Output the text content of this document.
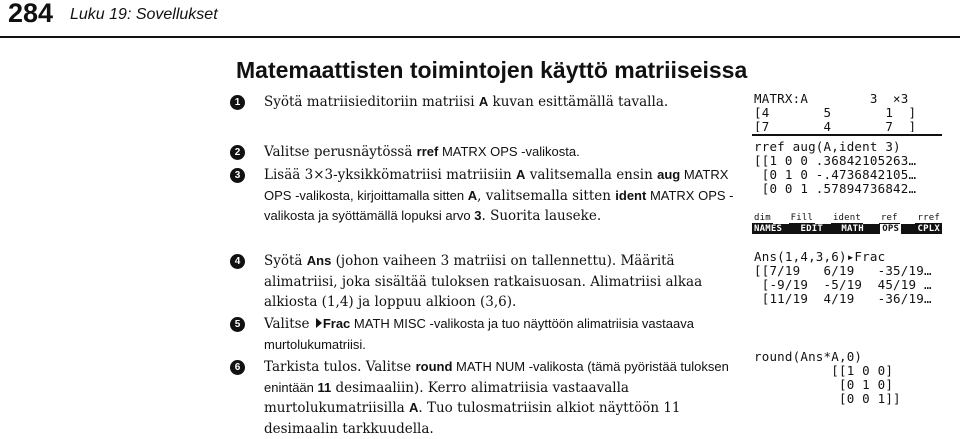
284 Luku 19: Sovellukset
Matemaattisten toimintojen käyttö matriiseissa
1	Syötä matriisieditoriin matriisi A kuvan esittämällä tavalla.
2	Valitse perusnäytössä rref MATRX OPS -valikosta.
3	Lisää 3×3-yksikkömatriisi matriisiin A valitsemalla ensin aug MATRX OPS -valikosta, kirjoittamalla sitten A, valitsemalla sitten ident MATRX OPS -valikosta ja syöttämällä lopuksi arvo 3. Suorita lauseke.
4	Syötä Ans (johon vaiheen 3 matriisi on tallennettu). Määritä alimatriisi, joka sisältää tuloksen ratkaisuosan. Alimatriisi alkaa alkiosta (1,4) ja loppuu alkioon (3,6).
5	Valitse Frac MATH MISC -valikosta ja tuo näyttöön alimatriisia vastaava murtolukumatriisi.
6	Tarkista tulos. Valitse round MATH NUM -valikosta (tämä pyöristää tuloksen enintään 11 desimaaliin). Kerro alimatriisia vastaavalla murtolukumatriisilla A. Tuo tulosmatriisin alkiot näyttöön 11 desimaalin tarkkuudella.
MATRX:A        3  ×3
[4       5       1  ]
[7       4       7  ]
rref aug(A,ident 3)
[[1 0 0 .36842105263…
[0 1 0 -.4736842105…
[0 0 1 .57894736842…
dim Fill ident ref rref
NAMES EDIT MATH OPS CPLX
Ans(1,4,3,6)▸Frac
[[7/19   6/19   -35/19…
[-9/19  -5/19  45/19 …
[11/19  4/19   -36/19…
round(Ans*A,0)
[[1 0 0]
[0 1 0]
[0 0 1]]
